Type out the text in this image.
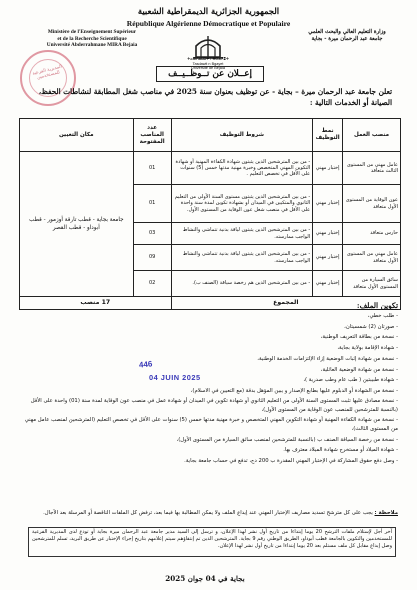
الجمهورية الجزائرية الديمقراطية الشعبية
République Algérienne Démocratique et Populaire
Ministère de l'Enseignement Supérieur
et de la Recherche Scientifique
Université Abderrahmane MIRA Bejaia
وزارة التعليم العالي والبحث العلمي
جامعة عبد الرحمان ميرة - بجاية
ⵜⴰⵙⴷⴰⵡⵉⵜ ⵏ ⴱⴳⴰⵢⴻⵜ
Tasdawit n Bgayet
Université de Béjaïa
المديرية الفرعية للمستخدمين	إعــلان عن تــوظــيــف
تعلن جامعة عبد الرحمان ميرة – بجاية - عن توظيف بعنوان سنة 2025 في مناصب شغل المطابقة لنشاطات الحفظ، الصيانة أو الخدمات التالية :
منصب العمل	نمط التوظيف	شروط التوظيف	عدد المناصب المفتوحة	مكان التعيين
عامل مهني من المستوى الثالث متعاقد	إختبار مهني	- من بين المترشحين الذين يثبتون شهادة الكفاءة المهنية أو شهادة التكوين المهني المتخصص وخبرة مهنية مدتها خمس (5) سنوات على الأقل في تخصص التعليم .	01	جامعة بجاية - قطب تارقة أوزمور - قطب أبوداو - قطب القصر
عون الوقاية من المستوى الأول متعاقد	إختبار مهني	- من بين المترشحين الذين يثبتون مستوى السنة الأولى من التعليم الثانوي والمتكيين في الميدان أو بشهادة تكوين لمدة سنة واحدة على الأقل في منصب شغل عون الوقاية من المستوى الأول.	01	
حارس متعاقد	إختبار مهني	- من بين المترشحين الذين يثبتون لياقة بدنية تتماشى والنشاط الواجب ممارسته.	03	
عامل مهني من المستوى الأول متعاقد	إختبار مهني	- من بين المترشحين الذين يثبتون لياقة بدنية تتماشى والنشاط الواجب ممارسته.	09	
سائق السيارة من المستوى الأول متعاقد	إختبار مهني	- من بين المترشحين الذين هم رخصة سياقة (الصنف ب).	02	
المجموع			17 منصب		تكوين الملف:
- طلب خطي،
- صورتان (2) شمسيتان،
- نسخة من بطاقة التعريف الوطنية،
- شهادة الإقامة بولاية بجاية،
- نسخة من شهادة إثبات الوضعية إزاء الإلتزامات الخدمة الوطنية،
- نسخة من شهادة الوضعية العائلية،
- شهادة طبيبتين ( طب عام وطب صدرية )،
- نسخة من الشهادة أو الدبلوم عليها بطابع الإصدار و يبين المؤهل بدقة (مع التعيين في الاسلام)،
- نسخة مصادق عليها تثبت المستوى السنة الأولى من التعليم الثانوي أو شهادة تكوين في الميدان أو شهادة عمل في منصب عون الوقاية لمدة سنة (01) واحدة على الأقل (بالنسبة للمترشحين للمنصب عون الوقاية من المستوى الأول)،
- نسخة من شهادة الكفاءة المهنية أو شهادة التكوين المهني المتخصص و خبرة مهنية مدتها خمس (5) سنوات على الأقل في تخصص التعليم (المترشحين لمنصب عامل مهني من المستوى الثالث)،
- نسخة من رخصة السياقة الصنف ب (بالنسبة للمترشحين لمنصب سائق السيارة من المستوى الأول)،
- شهادة الميلاد أو مستخرج شهادة الميلاد معترف بها.
- وصل دفع حقوق المشاركة في الإختبار المهني المقدرة ب 200 دج، تدفع في حساب جامعة بجاية.
ملاحظة : يجب على كل مترشح تسديد مصاريف الإختبار المهني عند إيداع الملف ولا يمكن المطالبة بها فيما بعد، ترفض كل الملفات الناقصة أو المرسلة بعد الآجال.
آخر أجل لإستلام ملفات الترشح 20 يوما إبتداءا من تاريخ أول نشر لهذا الإعلان، و ترسل إلى السيد مدير جامعة عبد الرحمان ميرة بجاية أو تودع لدى المديرية الفرعية للمستخدمين والتكوين بالجامعة قطب أبوداو، الطريق الوطني رقم 9 بجاية. المترشحين الذين تم إنتقاؤهم سيتم إعلامهم بتاريخ إجراء الإختبار عن طريق البريد، تسلم للمترشحين وصل إيداع مقابل كل ملف مستلم بعد 20 يوما إبتداءا من تاريخ أول نشر لهذا الإعلان.
بجاية في 04 جوان 2025
446
04 JUIN 2025
